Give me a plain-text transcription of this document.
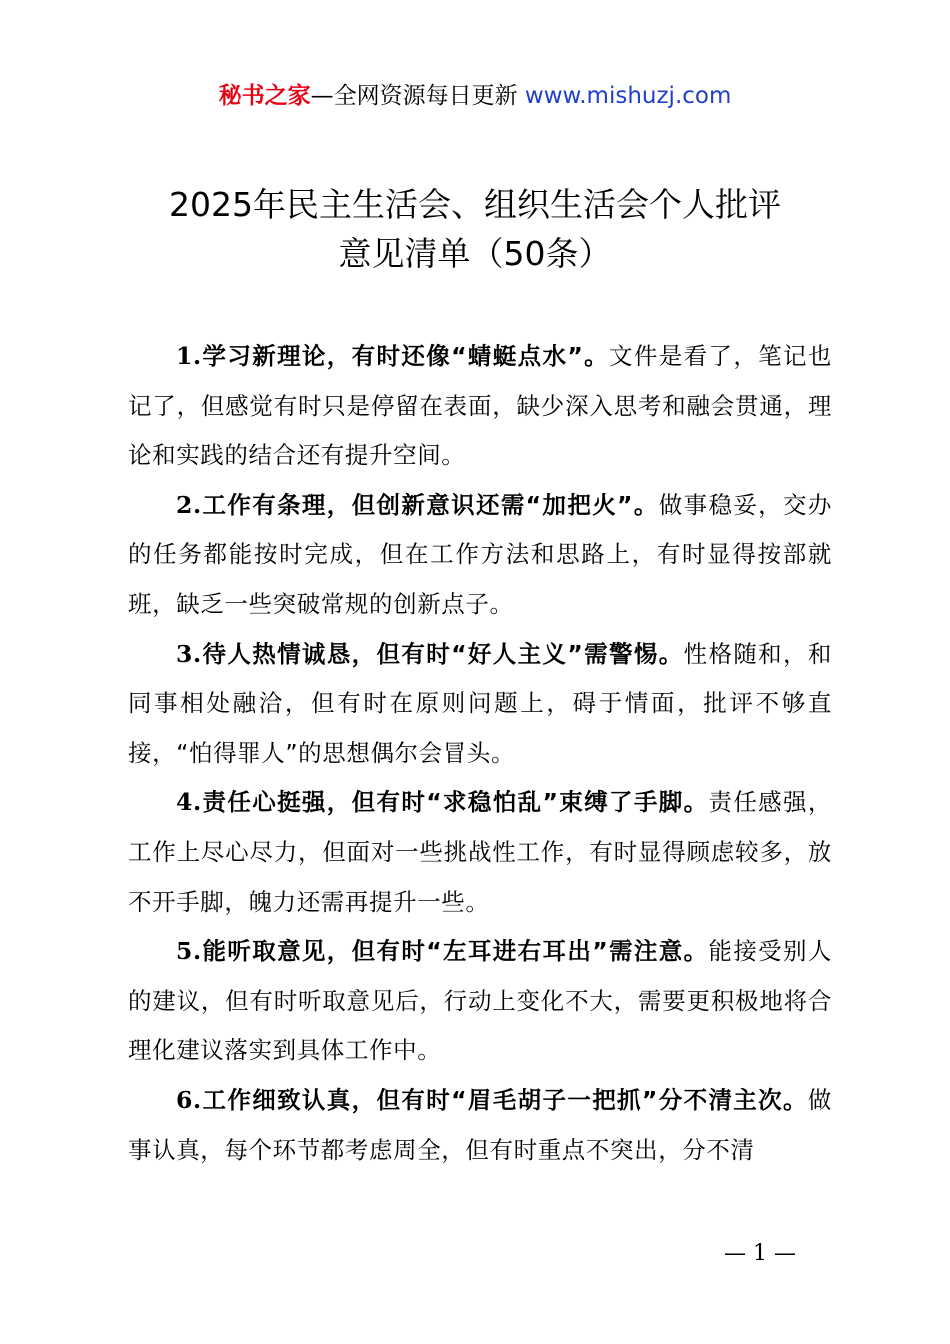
秘书之家—全网资源每日更新 www.mishuzj.com
2025年民主生活会、组织生活会个人批评
意见清单（50条）

1.学习新理论，有时还像“蜻蜓点水”。文件是看了，笔记也记了，但感觉有时只是停留在表面，缺少深入思考和融会贯通，理论和实践的结合还有提升空间。

2.工作有条理，但创新意识还需“加把火”。做事稳妥，交办的任务都能按时完成，但在工作方法和思路上，有时显得按部就班，缺乏一些突破常规的创新点子。

3.待人热情诚恳，但有时“好人主义”需警惕。性格随和，和同事相处融洽，但有时在原则问题上，碍于情面，批评不够直接，“怕得罪人”的思想偶尔会冒头。

4.责任心挺强，但有时“求稳怕乱”束缚了手脚。责任感强，工作上尽心尽力，但面对一些挑战性工作，有时显得顾虑较多，放不开手脚，魄力还需再提升一些。

5.能听取意见，但有时“左耳进右耳出”需注意。能接受别人的建议，但有时听取意见后，行动上变化不大，需要更积极地将合理化建议落实到具体工作中。

6.工作细致认真，但有时“眉毛胡子一把抓”分不清主次。做事认真，每个环节都考虑周全，但有时重点不突出，分不清

— 1 —
